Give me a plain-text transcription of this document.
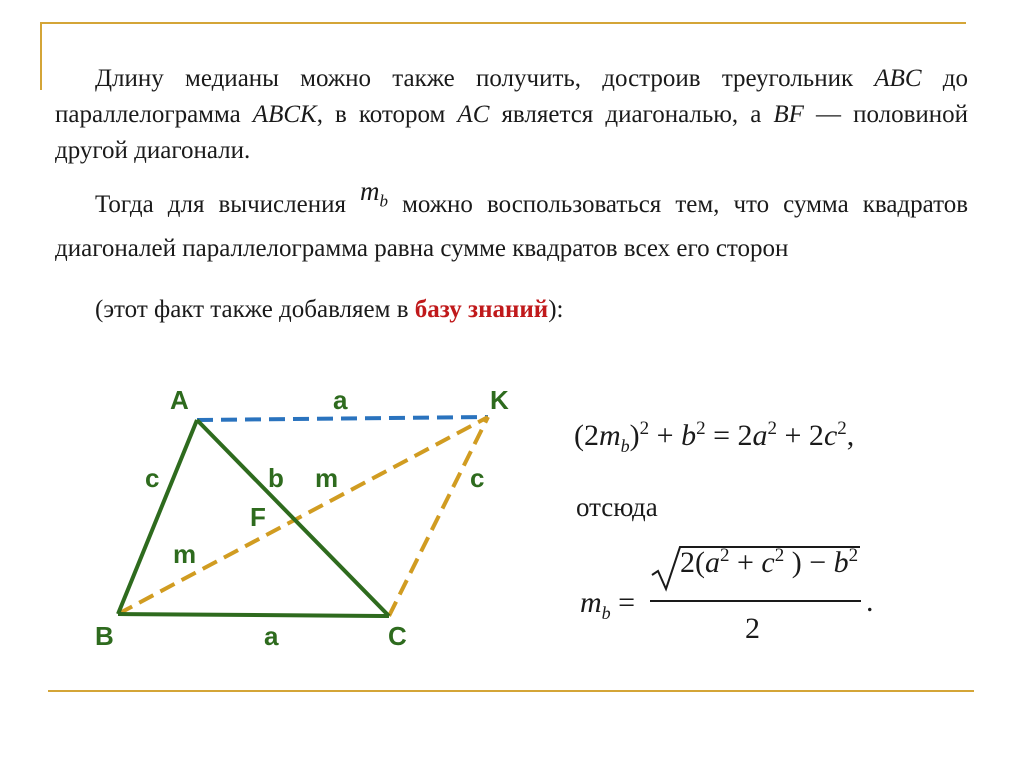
Длину медианы можно также получить, достроив треугольник ABC до параллелограмма ABCK, в котором AC является диагональю, а BF — половиной другой диагонали.
Тогда для вычисления $m_b$ можно воспользоваться тем, что сумма квадратов диагоналей параллелограмма равна сумме квадратов всех его сторон
(этот факт также добавляем в базу знаний):
A	a	K
c	b m	c
F
m
B	a	C
$(2m_b)^2 + b^2 = 2a^2 + 2c^2$,
отсюда
$m_b$ =
$2(a^2 + c^2$ ) − $b^2$
2
.
